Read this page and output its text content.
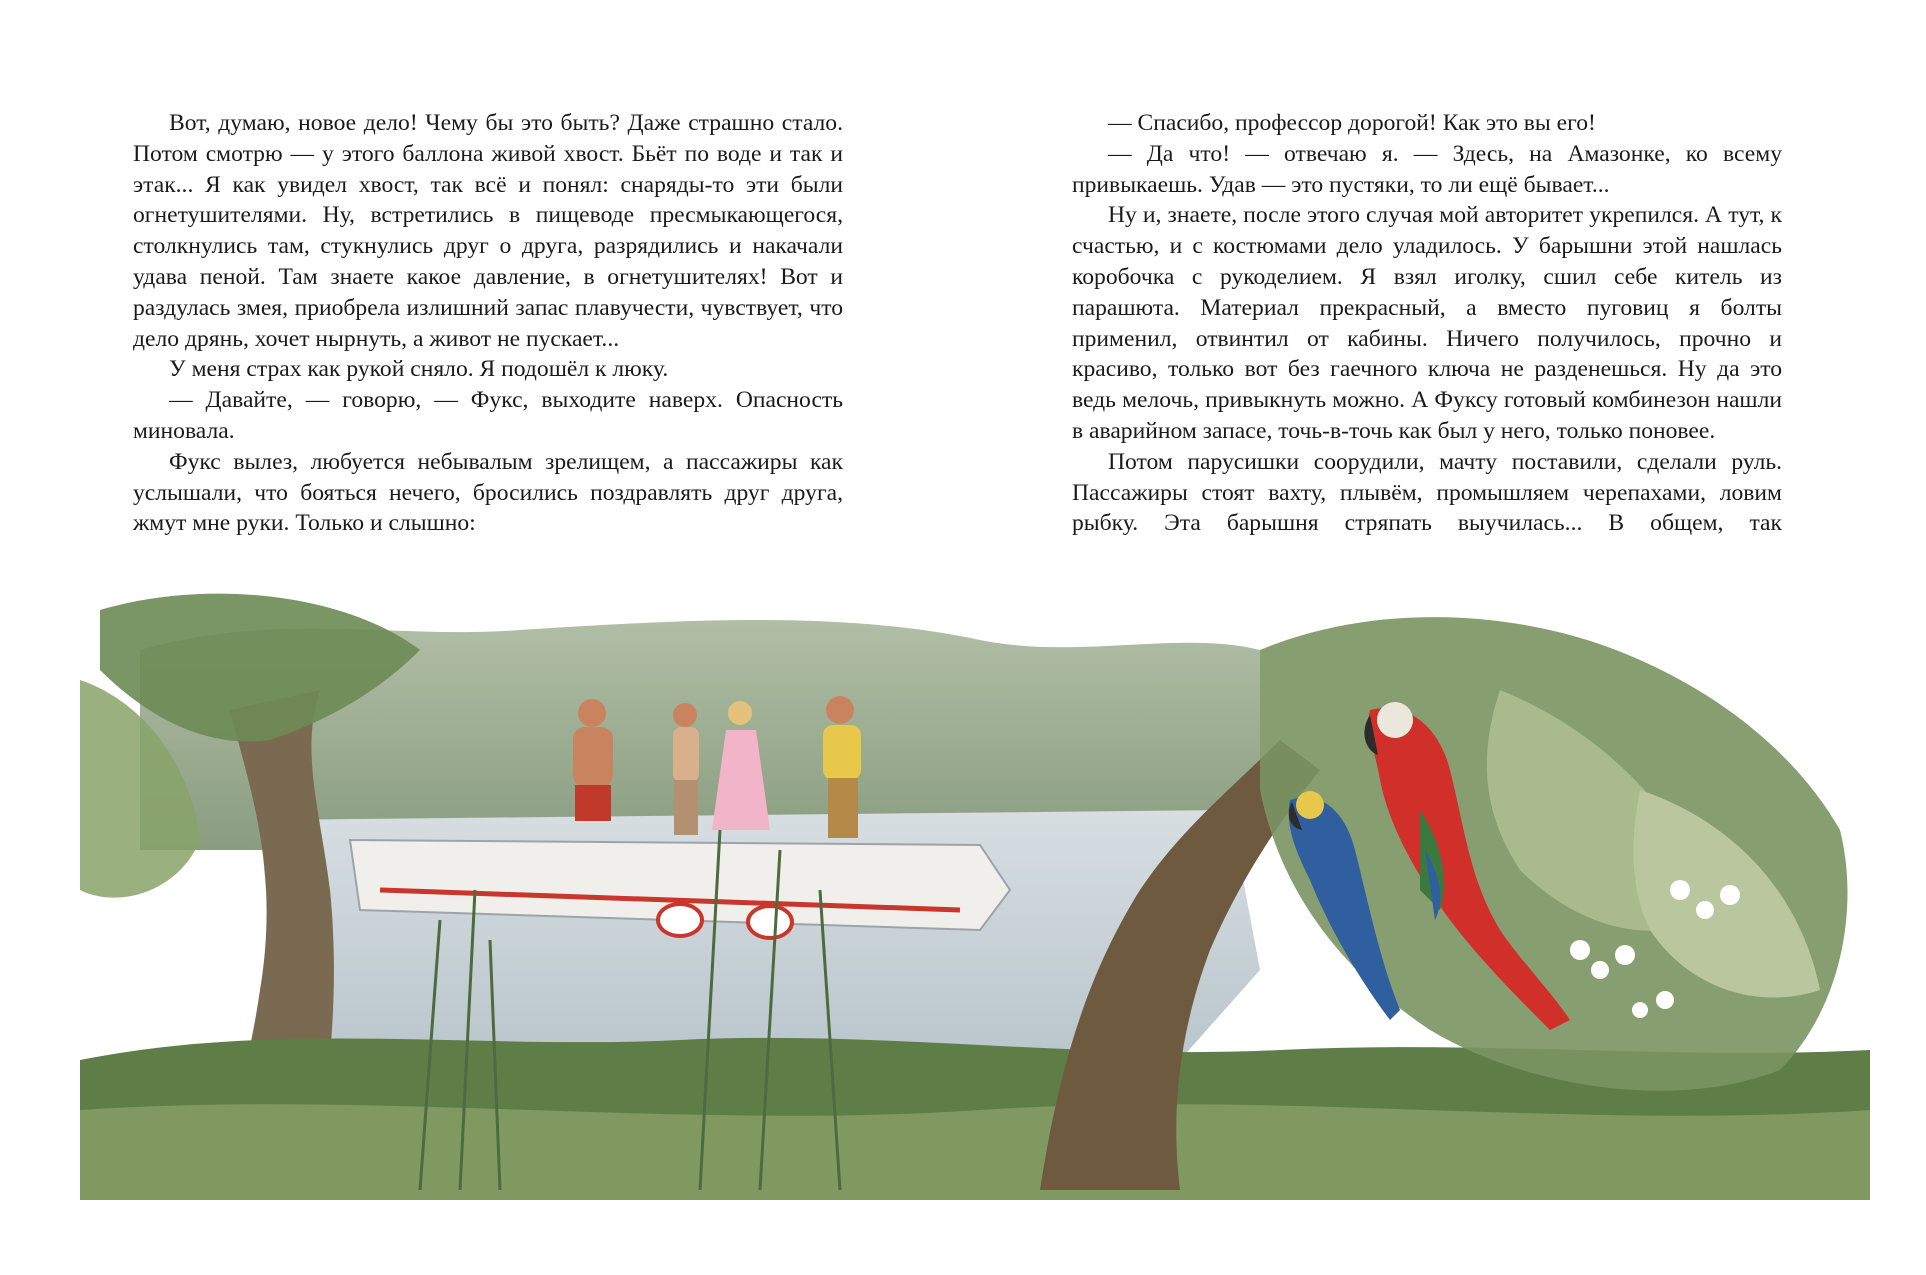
Вот, думаю, новое дело! Чему бы это быть? Даже страшно стало. Потом смотрю — у этого баллона живой хвост. Бьёт по воде и так и этак... Я как увидел хвост, так всё и понял: снаряды-то эти были огнетушителями. Ну, встретились в пищеводе пресмыкающегося, столкнулись там, стукнулись друг о друга, разрядились и накачали удава пеной. Там знаете какое давление, в огнетушителях! Вот и раздулась змея, приобрела излишний запас плавучести, чувствует, что дело дрянь, хочет нырнуть, а живот не пускает...

У меня страх как рукой сняло. Я подошёл к люку.

— Давайте, — говорю, — Фукс, выходите наверх. Опасность миновала.

Фукс вылез, любуется небывалым зрелищем, а пассажиры как услышали, что бояться нечего, бросились поздравлять друг друга, жмут мне руки. Только и слышно:

— Спасибо, профессор дорогой! Как это вы его!

— Да что! — отвечаю я. — Здесь, на Амазонке, ко всему привыкаешь. Удав — это пустяки, то ли ещё бывает...

Ну и, знаете, после этого случая мой авторитет укрепился. А тут, к счастью, и с костюмами дело уладилось. У барышни этой нашлась коробочка с рукоделием. Я взял иголку, сшил себе китель из парашюта. Материал прекрасный, а вместо пуговиц я болты применил, отвинтил от кабины. Ничего получилось, прочно и красиво, только вот без гаечного ключа не разденешься. Ну да это ведь мелочь, привыкнуть можно. А Фуксу готовый комбинезон нашли в аварийном запасе, точь-в-точь как был у него, только поновее.

Потом парусишки соорудили, мачту поставили, сделали руль. Пассажиры стоят вахту, плывём, промышляем черепахами, ловим рыбку. Эта барышня стряпать выучилась... В общем, так
